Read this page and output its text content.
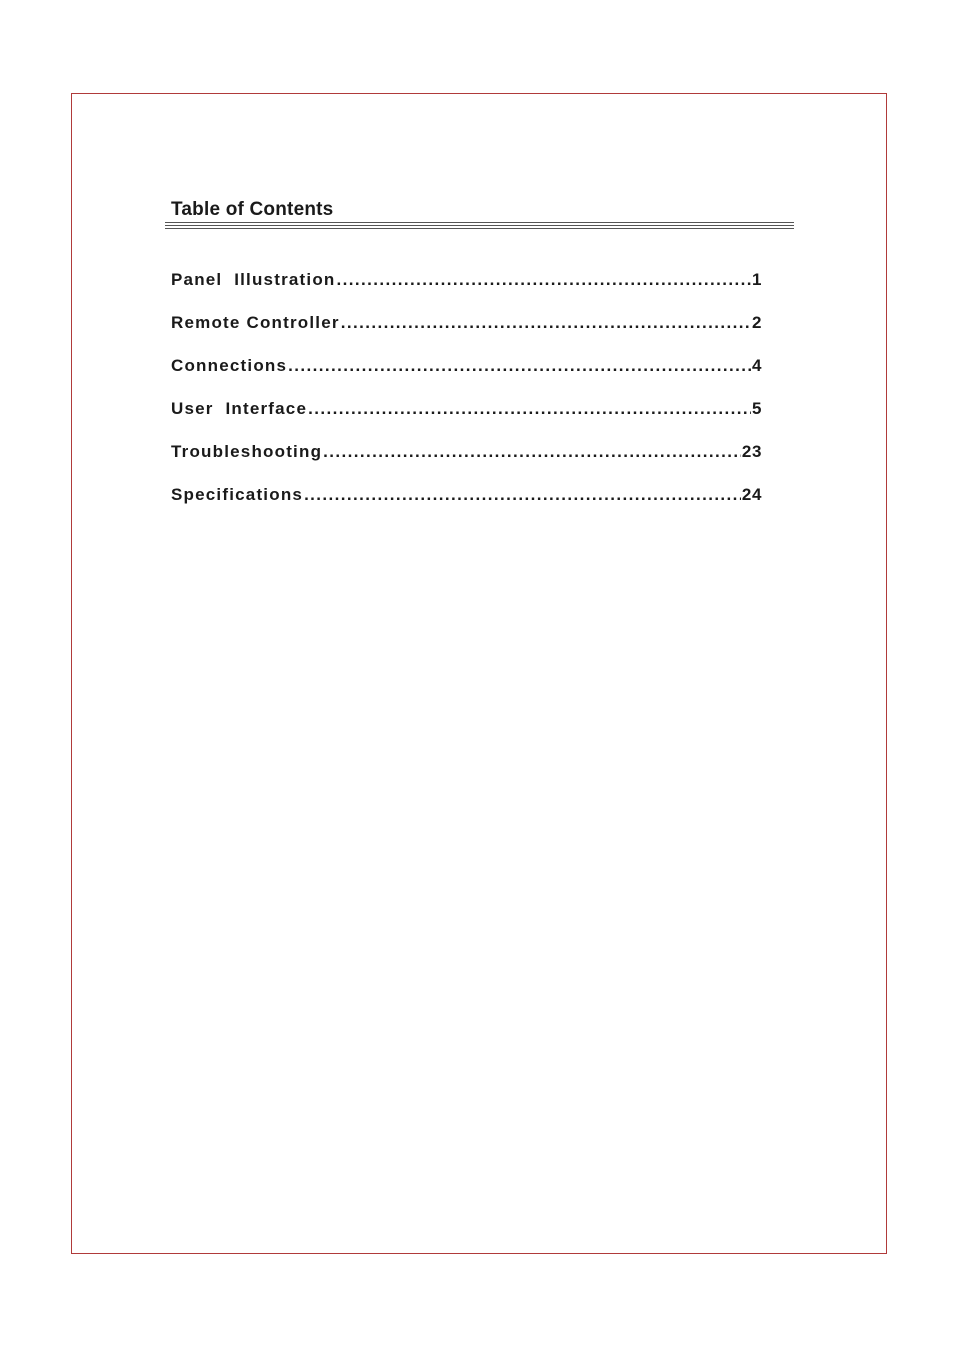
Table of Contents
Panel  Illustration .....	1
Remote Controller .....	2
Connections .....	4
User  Interface .....	5
Troubleshooting .....	23
Specifications .....	24
